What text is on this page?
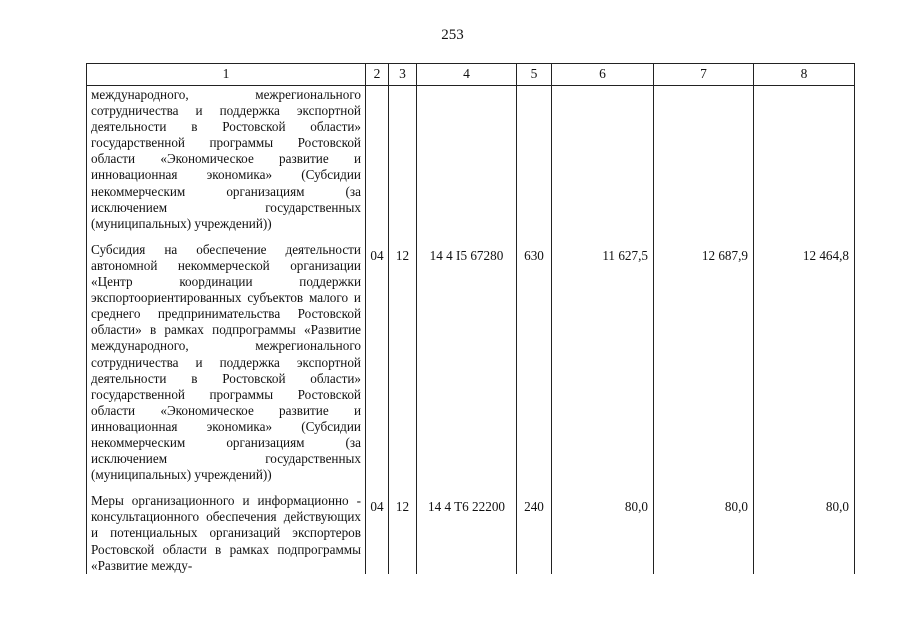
253
1	2	3	4	5	6	7	8
международного, межрегионального сотрудничества и поддержка экспортной деятельности в Ростовской области» государственной программы Ростовской области «Экономическое развитие и инновационная экономика» (Субсидии некоммерческим организациям (за исключением государственных (муниципальных) учреждений))							
Субсидия на обеспечение деятельности автономной некоммерческой организации «Центр координации поддержки экспортоориентированных субъектов малого и среднего предпринимательства Ростовской области» в рамках подпрограммы «Развитие международного, межрегионального сотрудничества и поддержка экспортной деятельности в Ростовской области» государственной программы Ростовской области «Экономическое развитие и инновационная экономика» (Субсидии некоммерческим организациям (за исключением государственных (муниципальных) учреждений))	04	12	14 4 I5 67280	630	11 627,5	12 687,9	12 464,8
Меры организационного и информационно - консультационного обеспечения действующих и потенциальных организаций экспортеров Ростовской области в рамках подпрограммы «Развитие между-	04	12	14 4 T6 22200	240	80,0	80,0	80,0
